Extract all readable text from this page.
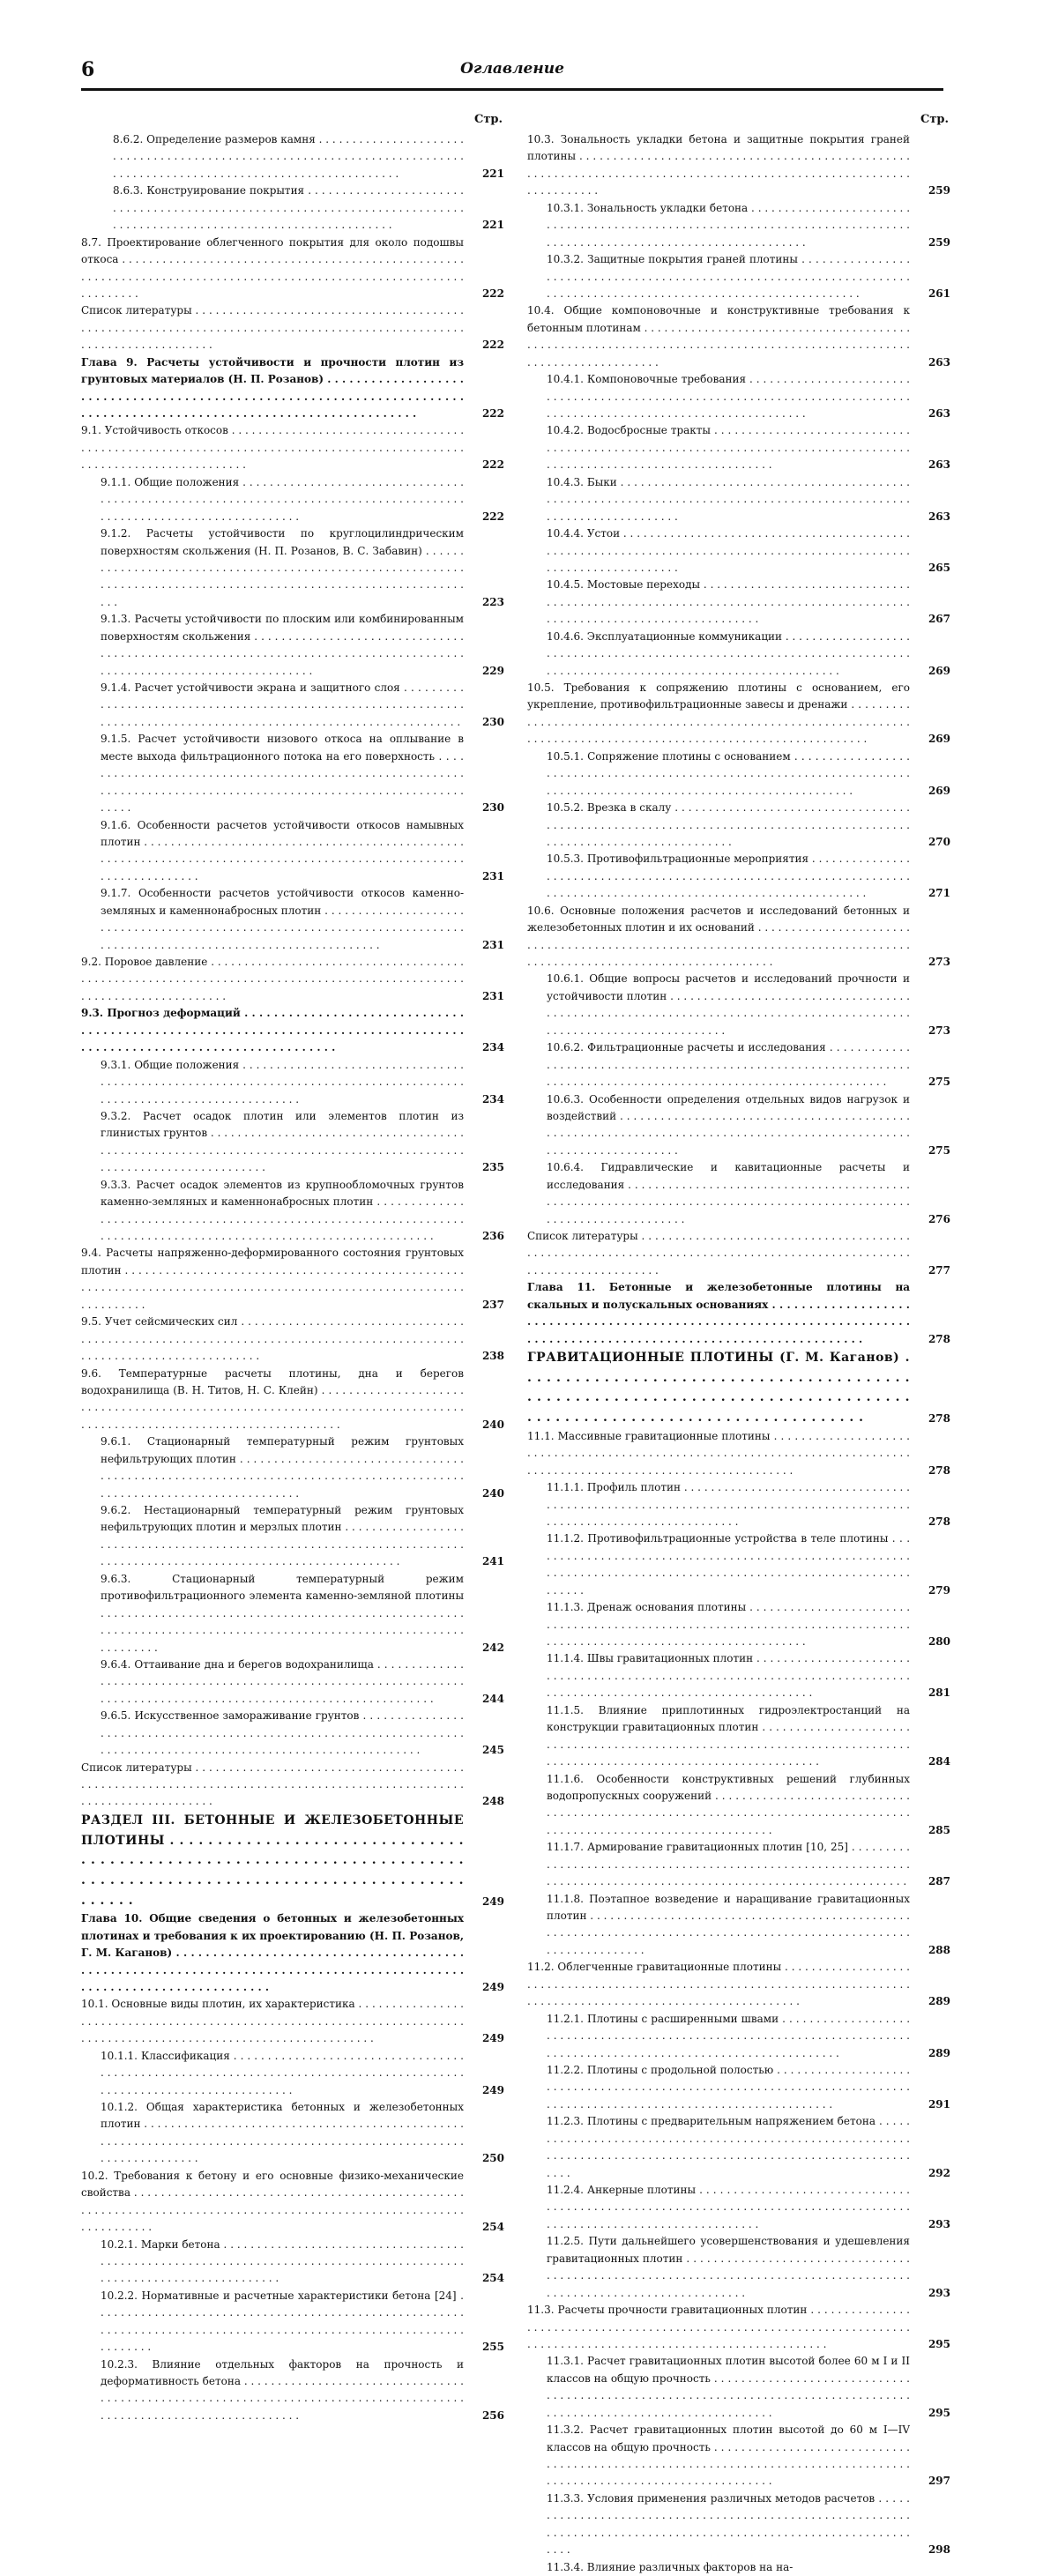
6	Оглавление
Стр.
8.6.2. Определение размеров камня . . .
221
8.6.3. Конструирование покрытия . . .
221
8.7. Проектирование облегченного покрытия для около подошвы откоса . . .
222
Список литературы . . .
222
Глава 9. Расчеты устойчивости и прочности плотин из грунтовых материалов (Н. П. Розанов) . . .
222
9.1. Устойчивость откосов . . .
222
9.1.1. Общие положения . . .
222
9.1.2. Расчеты устойчивости по круглоцилиндрическим поверхностям скольжения (Н. П. Розанов, В. С. Забавин) . . .
223
9.1.3. Расчеты устойчивости по плоским или комбинированным поверхностям скольжения . . .
229
9.1.4. Расчет устойчивости экрана и защитного слоя . . .
230
9.1.5. Расчет устойчивости низового откоса на оплывание в месте выхода фильтрационного потока на его поверхность . . .
230
9.1.6. Особенности расчетов устойчивости откосов намывных плотин . . .
231
9.1.7. Особенности расчетов устойчивости откосов каменно-земляных и каменнонабросных плотин . . .
231
9.2. Поровое давление . . .
231
9.3. Прогноз деформаций . . .
234
9.3.1. Общие положения . . .
234
9.3.2. Расчет осадок плотин или элементов плотин из глинистых грунтов . . .
235
9.3.3. Расчет осадок элементов из крупнообломочных грунтов каменно-земляных и каменнонабросных плотин . . .
236
9.4. Расчеты напряженно-деформированного состояния грунтовых плотин . . .
237
9.5. Учет сейсмических сил . . .
238
9.6. Температурные расчеты плотины, дна и берегов водохранилища (В. Н. Титов, Н. С. Клейн) . . .
240
9.6.1. Стационарный температурный режим грунтовых нефильтрующих плотин . . .
240
9.6.2. Нестационарный температурный режим грунтовых нефильтрующих плотин и мерзлых плотин . . .
241
9.6.3. Стационарный температурный режим противофильтрационного элемента каменно-земляной плотины . . .
242
9.6.4. Оттаивание дна и берегов водохранилища . . .
244
9.6.5. Искусственное замораживание грунтов . . .
245
Список литературы . . .
248
РАЗДЕЛ III. БЕТОННЫЕ И ЖЕЛЕЗОБЕТОННЫЕ ПЛОТИНЫ . . .
249
Глава 10. Общие сведения о бетонных и железобетонных плотинах и требования к их проектированию (Н. П. Розанов, Г. М. Каганов) . . .
249
10.1. Основные виды плотин, их характеристика . . .
249
10.1.1. Классификация . . .
249
10.1.2. Общая характеристика бетонных и железобетонных плотин . . .
250
10.2. Требования к бетону и его основные физико-механические свойства . . .
254
10.2.1. Марки бетона . . .
254
10.2.2. Нормативные и расчетные характеристики бетона [24] . . .
255
10.2.3. Влияние отдельных факторов на прочность и деформативность бетона . . .
256
Стр.
10.3. Зональность укладки бетона и защитные покрытия граней плотины . . .
259
10.3.1. Зональность укладки бетона . . .
259
10.3.2. Защитные покрытия граней плотины . . .
261
10.4. Общие компоновочные и конструктивные требования к бетонным плотинам . . .
263
10.4.1. Компоновочные требования . . .
263
10.4.2. Водосбросные тракты . . .
263
10.4.3. Быки . . .
263
10.4.4. Устои . . .
265
10.4.5. Мостовые переходы . . .
267
10.4.6. Эксплуатационные коммуникации . . .
269
10.5. Требования к сопряжению плотины с основанием, его укрепление, противофильтрационные завесы и дренажи . . .
269
10.5.1. Сопряжение плотины с основанием . . .
269
10.5.2. Врезка в скалу . . .
270
10.5.3. Противофильтрационные мероприятия . . .
271
10.6. Основные положения расчетов и исследований бетонных и железобетонных плотин и их оснований . . .
273
10.6.1. Общие вопросы расчетов и исследований прочности и устойчивости плотин . . .
273
10.6.2. Фильтрационные расчеты и исследования . . .
275
10.6.3. Особенности определения отдельных видов нагрузок и воздействий . . .
275
10.6.4. Гидравлические и кавитационные расчеты и исследования . . .
276
Список литературы . . .
277
Глава 11. Бетонные и железобетонные плотины на скальных и полускальных основаниях . . .
278
ГРАВИТАЦИОННЫЕ ПЛОТИНЫ (Г. М. Каганов) . . .
278
11.1. Массивные гравитационные плотины . . .
278
11.1.1. Профиль плотин . . .
278
11.1.2. Противофильтрационные устройства в теле плотины . . .
279
11.1.3. Дренаж основания плотины . . .
280
11.1.4. Швы гравитационных плотин . . .
281
11.1.5. Влияние приплотинных гидроэлектростанций на конструкции гравитационных плотин . . .
284
11.1.6. Особенности конструктивных решений глубинных водопропускных сооружений . . .
285
11.1.7. Армирование гравитационных плотин [10, 25] . . .
287
11.1.8. Поэтапное возведение и наращивание гравитационных плотин . . .
288
11.2. Облегченные гравитационные плотины . . .
289
11.2.1. Плотины с расширенными швами . . .
289
11.2.2. Плотины с продольной полостью . . .
291
11.2.3. Плотины с предварительным напряжением бетона . . .
292
11.2.4. Анкерные плотины . . .
293
11.2.5. Пути дальнейшего усовершенствования и удешевления гравитационных плотин . . .
293
11.3. Расчеты прочности гравитационных плотин . . .
295
11.3.1. Расчет гравитационных плотин высотой более 60 м I и II классов на общую прочность . . .
295
11.3.2. Расчет гравитационных плотин высотой до 60 м I—IV классов на общую прочность . . .
297
11.3.3. Условия применения различных методов расчетов . . .
298
11.3.4. Влияние различных факторов на на-
